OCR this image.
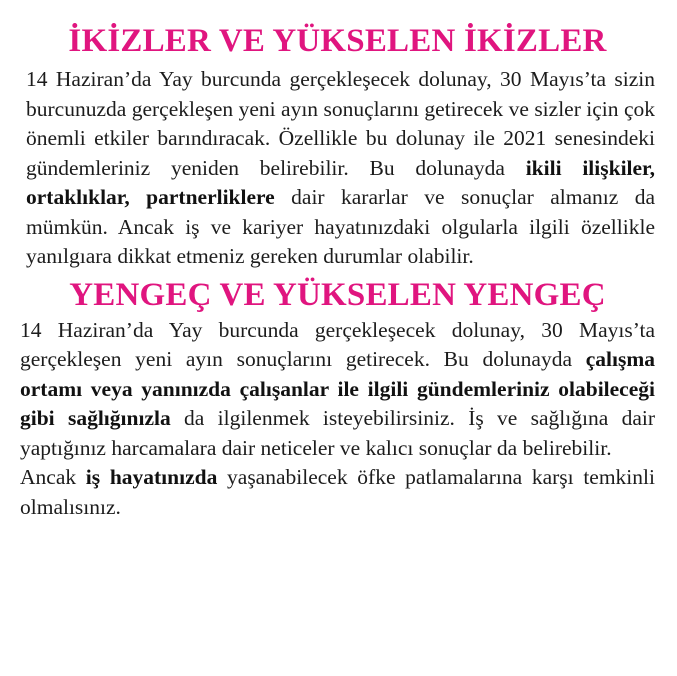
İKİZLER VE YÜKSELEN İKİZLER

14 Haziran’da Yay burcunda gerçekleşecek dolunay, 30 Mayıs’ta sizin burcunuzda gerçekleşen yeni ayın sonuçlarını getirecek ve sizler için çok önemli etkiler barındıracak. Özellikle bu dolunay ile 2021 senesindeki gündemleriniz yeniden belirebilir. Bu dolunayda ikili ilişkiler, ortaklıklar, partnerliklere dair kararlar ve sonuçlar almanız da mümkün. Ancak iş ve kariyer hayatınızdaki olgularla ilgili özellikle yanılgıara dikkat etmeniz gereken durumlar olabilir.

YENGEÇ VE YÜKSELEN YENGEÇ

14 Haziran’da Yay burcunda gerçekleşecek dolunay, 30 Mayıs’ta gerçekleşen yeni ayın sonuçlarını getirecek. Bu dolunayda çalışma ortamı veya yanınızda çalışanlar ile ilgili gündemleriniz olabileceği gibi sağlığınızla da ilgilenmek isteyebilirsiniz. İş ve sağlığına dair yaptığınız harcamalara dair neticeler ve kalıcı sonuçlar da belirebilir.

Ancak iş hayatınızda yaşanabilecek öfke patlamalarına karşı temkinli olmalısınız.
